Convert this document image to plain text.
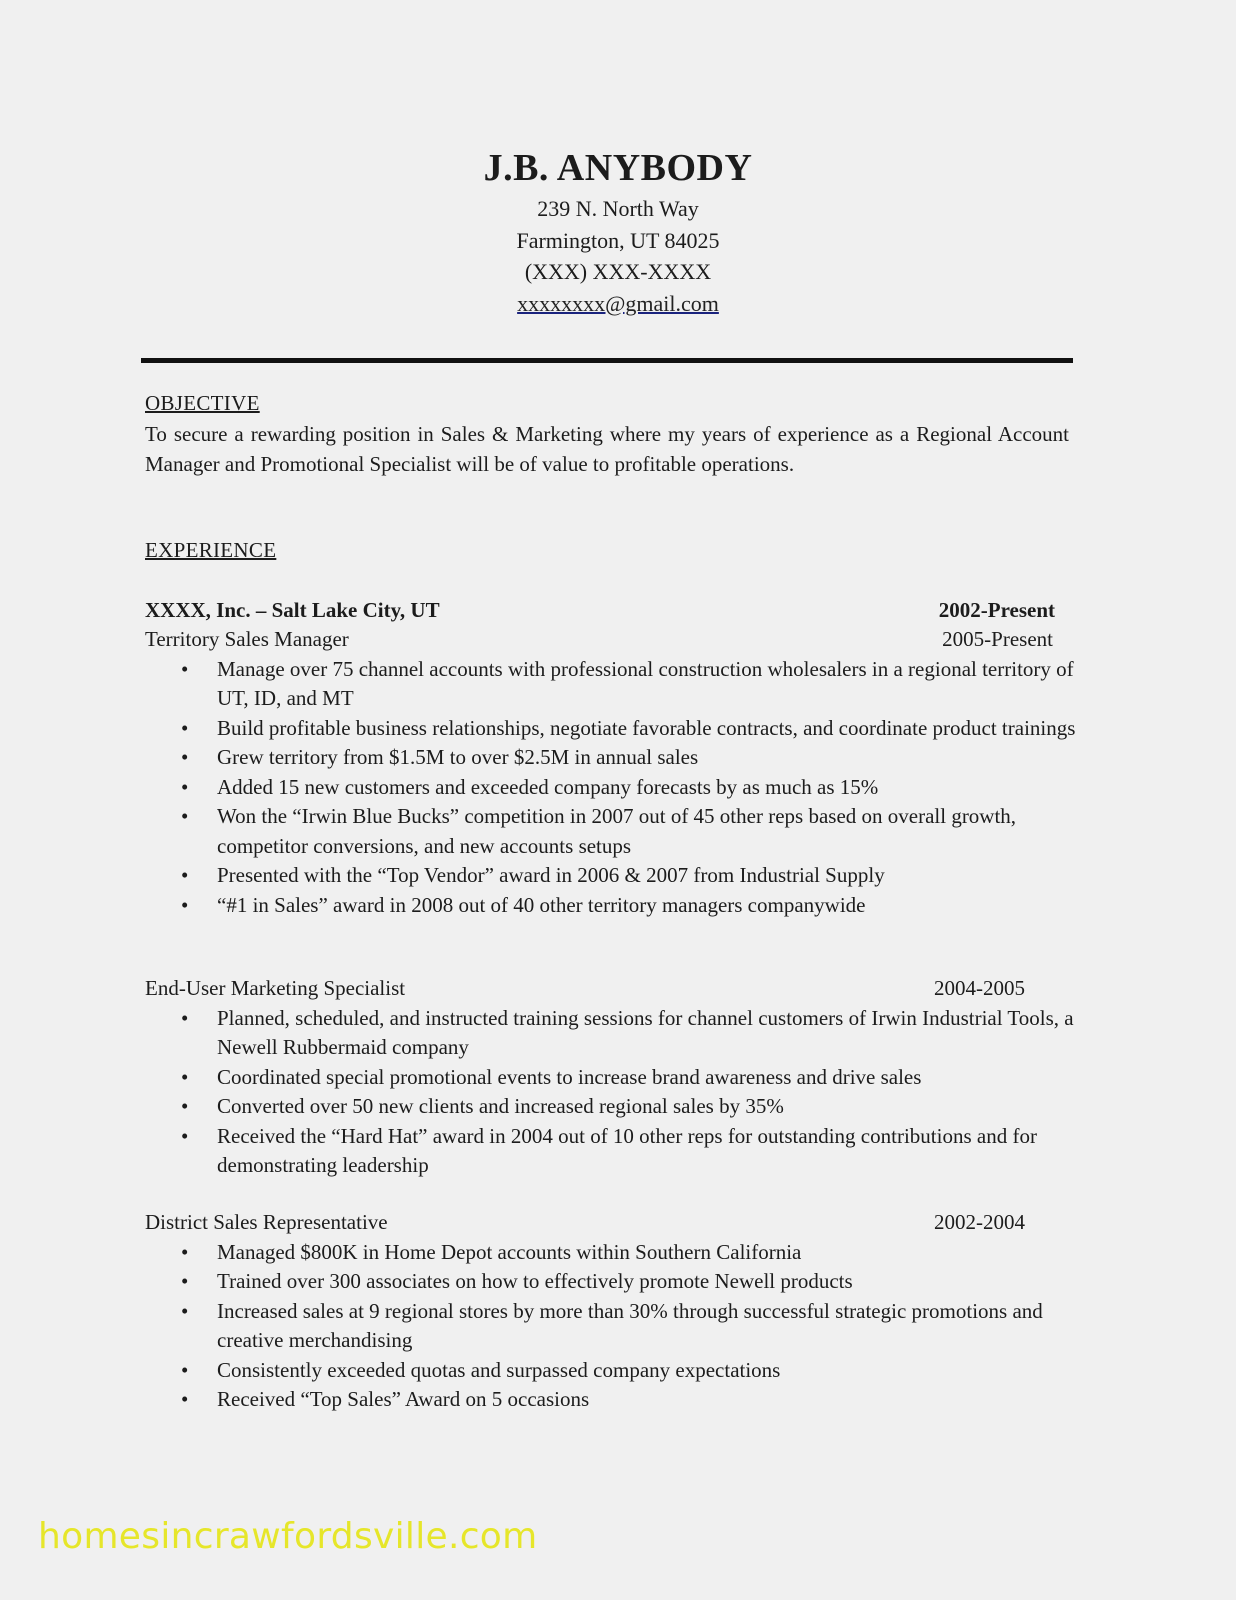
J.B. ANYBODY
239 N. North Way
Farmington, UT 84025
(XXX) XXX-XXXX
xxxxxxxx@gmail.com
OBJECTIVE
To secure a rewarding position in Sales & Marketing where my years of experience as a Regional Account Manager and Promotional Specialist will be of value to profitable operations.
EXPERIENCE
XXXX, Inc. – Salt Lake City, UT	2002-Present
Territory Sales Manager	2005-Present
• Manage over 75 channel accounts with professional construction wholesalers in a regional territory of UT, ID, and MT
• Build profitable business relationships, negotiate favorable contracts, and coordinate product trainings
• Grew territory from $1.5M to over $2.5M in annual sales
• Added 15 new customers and exceeded company forecasts by as much as 15%
• Won the “Irwin Blue Bucks” competition in 2007 out of 45 other reps based on overall growth, competitor conversions, and new accounts setups
• Presented with the “Top Vendor” award in 2006 & 2007 from Industrial Supply
• “#1 in Sales” award in 2008 out of 40 other territory managers companywide
End-User Marketing Specialist	2004-2005
• Planned, scheduled, and instructed training sessions for channel customers of Irwin Industrial Tools, a Newell Rubbermaid company
• Coordinated special promotional events to increase brand awareness and drive sales
• Converted over 50 new clients and increased regional sales by 35%
• Received the “Hard Hat” award in 2004 out of 10 other reps for outstanding contributions and for demonstrating leadership
District Sales Representative	2002-2004
• Managed $800K in Home Depot accounts within Southern California
• Trained over 300 associates on how to effectively promote Newell products
• Increased sales at 9 regional stores by more than 30% through successful strategic promotions and creative merchandising
• Consistently exceeded quotas and surpassed company expectations
• Received “Top Sales” Award on 5 occasions
homesincrawfordsville.com
